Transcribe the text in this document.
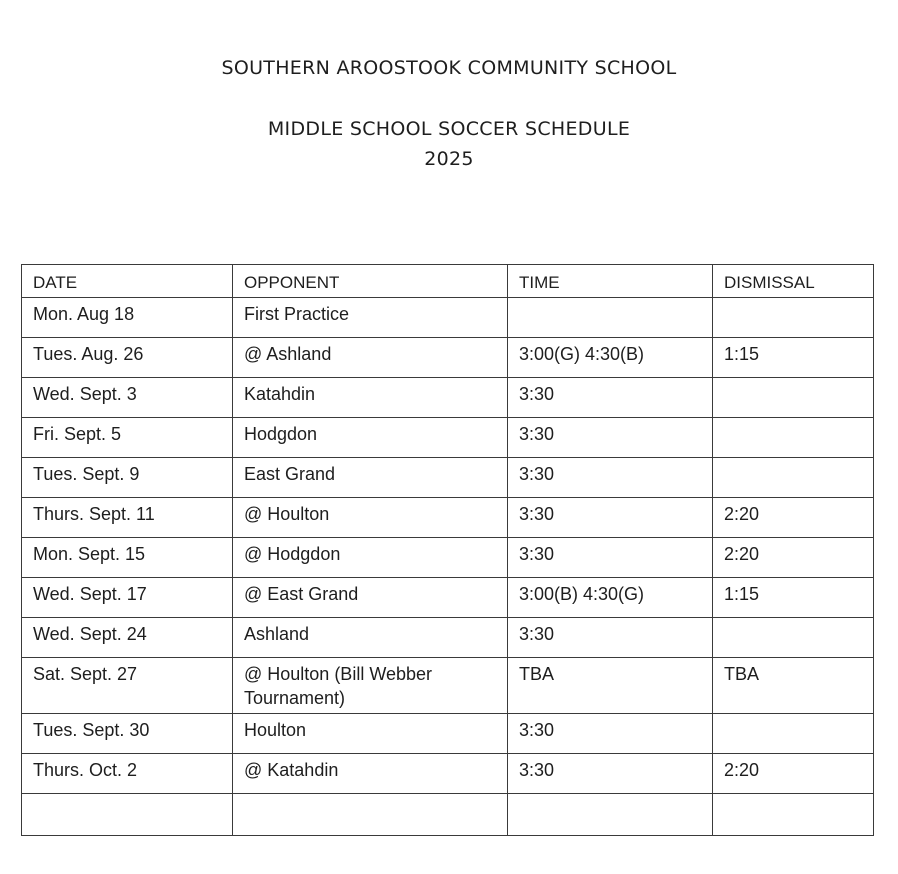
SOUTHERN AROOSTOOK COMMUNITY SCHOOL
MIDDLE SCHOOL SOCCER SCHEDULE
2025
DATE	OPPONENT	TIME	DISMISSAL
Mon. Aug 18	First Practice		
Tues. Aug. 26	@ Ashland	3:00(G) 4:30(B)	1:15
Wed. Sept. 3	Katahdin	3:30	
Fri. Sept. 5	Hodgdon	3:30	
Tues. Sept. 9	East Grand	3:30	
Thurs. Sept. 11	@ Houlton	3:30	2:20
Mon. Sept. 15	@ Hodgdon	3:30	2:20
Wed. Sept. 17	@ East Grand	3:00(B) 4:30(G)	1:15
Wed. Sept. 24	Ashland	3:30	
Sat. Sept. 27	@ Houlton (Bill Webber Tournament)	TBA	TBA
Tues. Sept. 30	Houlton	3:30	
Thurs. Oct. 2	@ Katahdin	3:30	2:20
